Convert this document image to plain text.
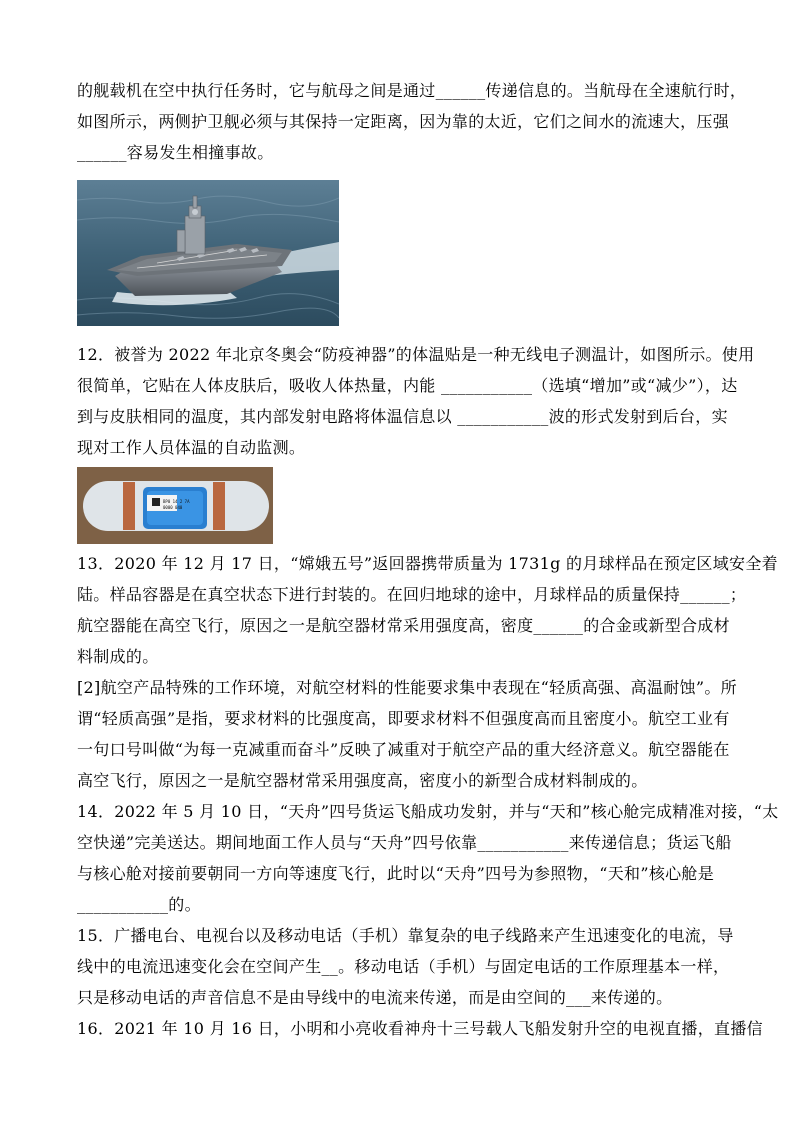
的舰载机在空中执行任务时，它与航母之间是通过______传递信息的。当航母在全速航行时，
如图所示，两侧护卫舰必须与其保持一定距离，因为靠的太近，它们之间水的流速大，压强
______容易发生相撞事故。
12．被誉为 2022 年北京冬奥会“防疫神器”的体温贴是一种无线电子测温计，如图所示。使用
很简单，它贴在人体皮肤后，吸收人体热量，内能 ___________（选填“增加”或“减少”），达
到与皮肤相同的温度，其内部发射电路将体温信息以 ___________波的形式发射到后台，实
现对工作人员体温的自动监测。
BP0 14 2 7A
0000 040
13．2020 年 12 月 17 日，“嫦娥五号”返回器携带质量为 1731g 的月球样品在预定区域安全着
陆。样品容器是在真空状态下进行封装的。在回归地球的途中，月球样品的质量保持______；
航空器能在高空飞行，原因之一是航空器材常采用强度高，密度______的合金或新型合成材
料制成的。
[2]航空产品特殊的工作环境，对航空材料的性能要求集中表现在“轻质高强、高温耐蚀”。所
谓“轻质高强”是指，要求材料的比强度高，即要求材料不但强度高而且密度小。航空工业有
一句口号叫做“为每一克减重而奋斗”反映了减重对于航空产品的重大经济意义。航空器能在
高空飞行，原因之一是航空器材常采用强度高，密度小的新型合成材料制成的。
14．2022 年 5 月 10 日，“天舟”四号货运飞船成功发射，并与“天和”核心舱完成精准对接，“太
空快递”完美送达。期间地面工作人员与“天舟”四号依靠___________来传递信息；货运飞船
与核心舱对接前要朝同一方向等速度飞行，此时以“天舟”四号为参照物，“天和”核心舱是
___________的。
15．广播电台、电视台以及移动电话（手机）靠复杂的电子线路来产生迅速变化的电流，导
线中的电流迅速变化会在空间产生__。移动电话（手机）与固定电话的工作原理基本一样，
只是移动电话的声音信息不是由导线中的电流来传递，而是由空间的___来传递的。
16．2021 年 10 月 16 日，小明和小亮收看神舟十三号载人飞船发射升空的电视直播，直播信
